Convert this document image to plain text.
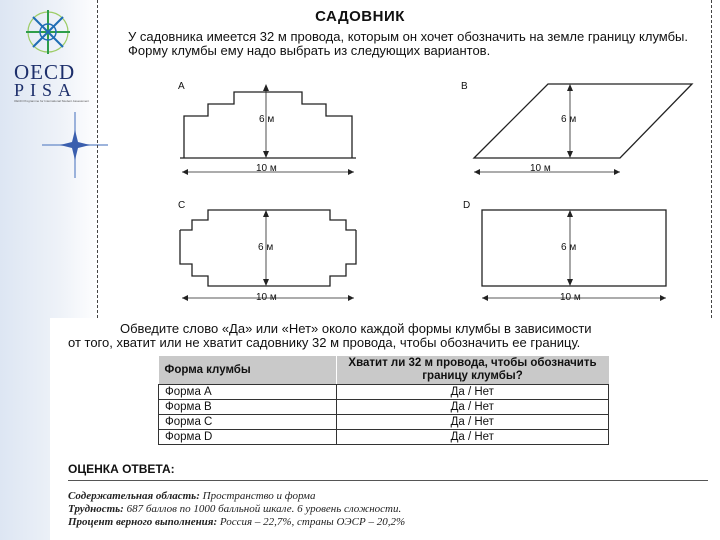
OECD
PISA
OECD Programme for International Student Assessment
САДОВНИК
У садовника имеется 32 м провода, которым он хочет обозначить на земле границу клумбы. Форму клумбы ему надо выбрать из следующих вариантов.
A
6 м
10 м
B
6 м
10 м
C
6 м
10 м
D
6 м
10 м
Обведите слово «Да» или «Нет» около каждой формы клумбы в зависимости
от того, хватит или не хватит садовнику 32 м провода, чтобы обозначить ее границу.
Форма клумбы	Хватит ли 32 м провода, чтобы обозначить границу клумбы?
Форма A	Да / Нет
Форма B	Да / Нет
Форма C	Да / Нет
Форма D	Да / Нет
ОЦЕНКА ОТВЕТА:
Содержательная область: Пространство и форма
Трудность: 687 баллов по 1000 балльной шкале. 6 уровень сложности.
Процент верного выполнения: Россия – 22,7%, страны ОЭСР – 20,2%
